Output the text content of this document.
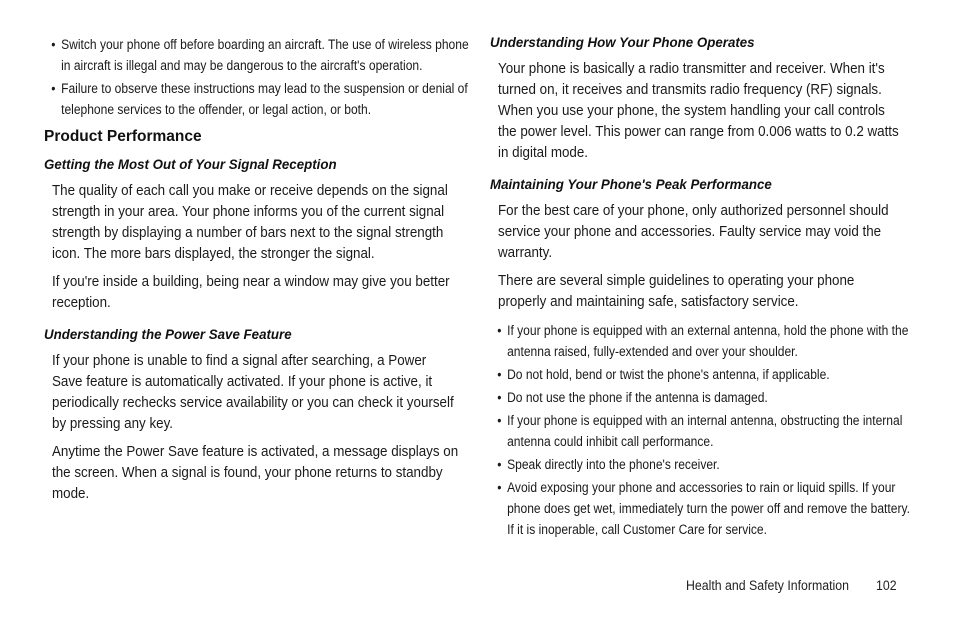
• Switch your phone off before boarding an aircraft. The use of wireless phone in aircraft is illegal and may be dangerous to the aircraft's operation.
• Failure to observe these instructions may lead to the suspension or denial of telephone services to the offender, or legal action, or both.
Product Performance
Getting the Most Out of Your Signal Reception

The quality of each call you make or receive depends on the signal strength in your area. Your phone informs you of the current signal strength by displaying a number of bars next to the signal strength icon. The more bars displayed, the stronger the signal.

If you're inside a building, being near a window may give you better reception.

Understanding the Power Save Feature

If your phone is unable to find a signal after searching, a Power Save feature is automatically activated. If your phone is active, it periodically rechecks service availability or you can check it yourself by pressing any key.

Anytime the Power Save feature is activated, a message displays on the screen. When a signal is found, your phone returns to standby mode.

Understanding How Your Phone Operates

Your phone is basically a radio transmitter and receiver. When it's turned on, it receives and transmits radio frequency (RF) signals. When you use your phone, the system handling your call controls the power level. This power can range from 0.006 watts to 0.2 watts in digital mode.

Maintaining Your Phone's Peak Performance

For the best care of your phone, only authorized personnel should service your phone and accessories. Faulty service may void the warranty.

There are several simple guidelines to operating your phone properly and maintaining safe, satisfactory service.

• If your phone is equipped with an external antenna, hold the phone with the antenna raised, fully-extended and over your shoulder.
• Do not hold, bend or twist the phone's antenna, if applicable.
• Do not use the phone if the antenna is damaged.
• If your phone is equipped with an internal antenna, obstructing the internal antenna could inhibit call performance.
• Speak directly into the phone's receiver.
• Avoid exposing your phone and accessories to rain or liquid spills. If your phone does get wet, immediately turn the power off and remove the battery. If it is inoperable, call Customer Care for service.
Health and Safety Information 102
